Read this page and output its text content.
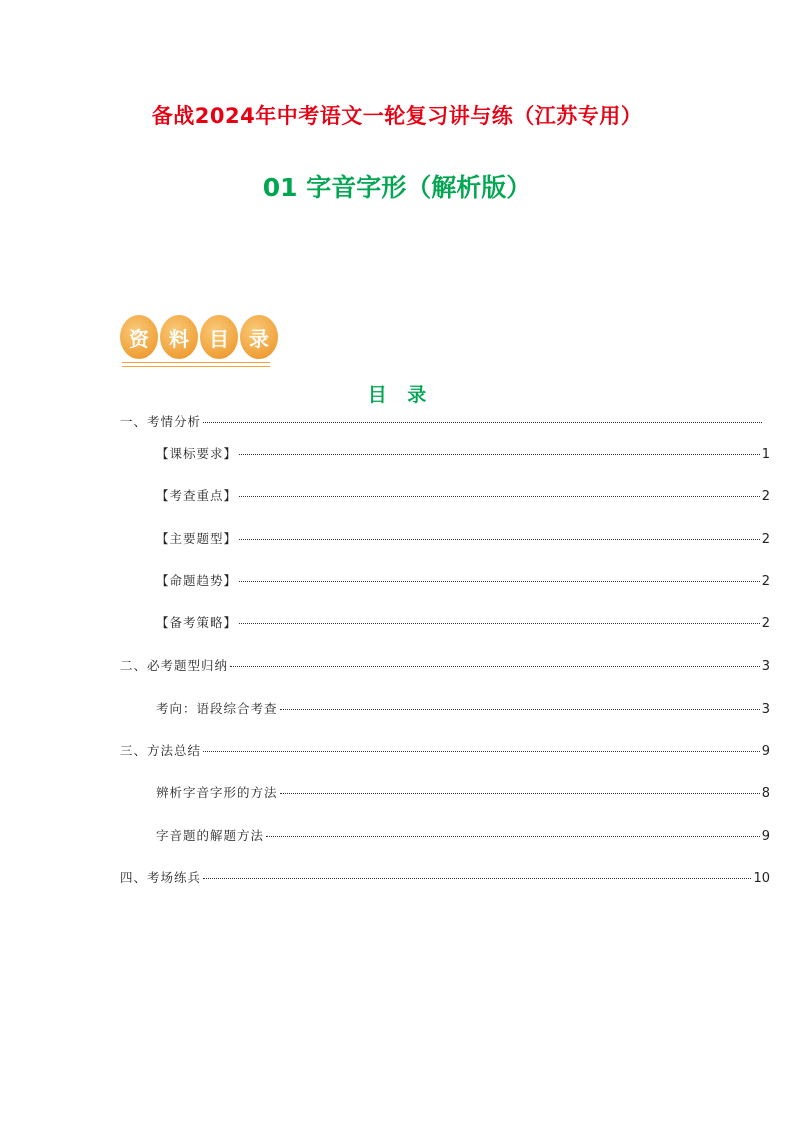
备战2024年中考语文一轮复习讲与练（江苏专用）
01 字音字形（解析版）
资	料	目	录
目 录
一、考情分析
【课标要求】	1
【考查重点】	2
【主要题型】	2
【命题趋势】	2
【备考策略】	2
二、必考题型归纳	3
考向：语段综合考查	3
三、方法总结	9
辨析字音字形的方法	8
字音题的解题方法	9
四、考场练兵	10
